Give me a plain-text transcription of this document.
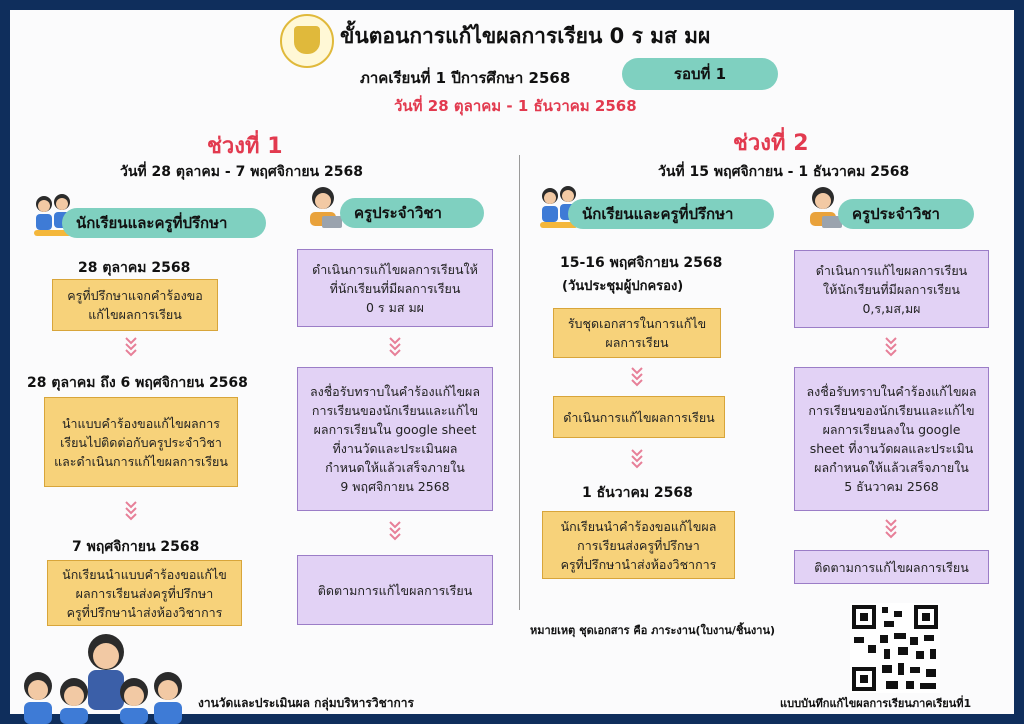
ขั้นตอนการแก้ไขผลการเรียน 0 ร มส มผ
ภาคเรียนที่ 1 ปีการศึกษา 2568	รอบที่ 1
วันที่ 28 ตุลาคม - 1 ธันวาคม 2568
ช่วงที่ 1
วันที่ 28 ตุลาคม - 7 พฤศจิกายน 2568
นักเรียนและครูที่ปรึกษา
ครูประจำวิชา
28 ตุลาคม 2568
ครูที่ปรึกษาแจกคำร้องขอ
แก้ไขผลการเรียน
28 ตุลาคม ถึง 6 พฤศจิกายน 2568
นำแบบคำร้องขอแก้ไขผลการ
เรียนไปติดต่อกับครูประจำวิชา
และดำเนินการแก้ไขผลการเรียน
7 พฤศจิกายน 2568
นักเรียนนำแบบคำร้องขอแก้ไข
ผลการเรียนส่งครูที่ปรึกษา
ครูที่ปรึกษานำส่งห้องวิชาการ
ดำเนินการแก้ไขผลการเรียนให้
ที่นักเรียนที่มีผลการเรียน
0 ร มส มผ
ลงชื่อรับทราบในคำร้องแก้ไขผล
การเรียนของนักเรียนและแก้ไข
ผลการเรียนใน google sheet
ที่งานวัดและประเมินผล
กำหนดให้แล้วเสร็จภายใน
9 พฤศจิกายน 2568
ติดตามการแก้ไขผลการเรียน
ช่วงที่ 2
วันที่ 15 พฤศจิกายน - 1 ธันวาคม 2568
นักเรียนและครูที่ปรึกษา	ครูประจำวิชา
15-16 พฤศจิกายน 2568
(วันประชุมผู้ปกครอง)
รับชุดเอกสารในการแก้ไข
ผลการเรียน
ดำเนินการแก้ไขผลการเรียน
1 ธันวาคม 2568
นักเรียนนำคำร้องขอแก้ไขผล
การเรียนส่งครูที่ปรึกษา
ครูที่ปรึกษานำส่งห้องวิชาการ
ดำเนินการแก้ไขผลการเรียน
ให้นักเรียนที่มีผลการเรียน
0,ร,มส,มผ
ลงชื่อรับทราบในคำร้องแก้ไขผล
การเรียนของนักเรียนและแก้ไข
ผลการเรียนลงใน google
sheet ที่งานวัดผลและประเมิน
ผลกำหนดให้แล้วเสร็จภายใน
5 ธันวาคม 2568
ติดตามการแก้ไขผลการเรียน
หมายเหตุ ชุดเอกสาร คือ ภาระงาน(ใบงาน/ชิ้นงาน)
งานวัดและประเมินผล กลุ่มบริหารวิชาการ	แบบบันทึกแก้ไขผลการเรียนภาคเรียนที่1
